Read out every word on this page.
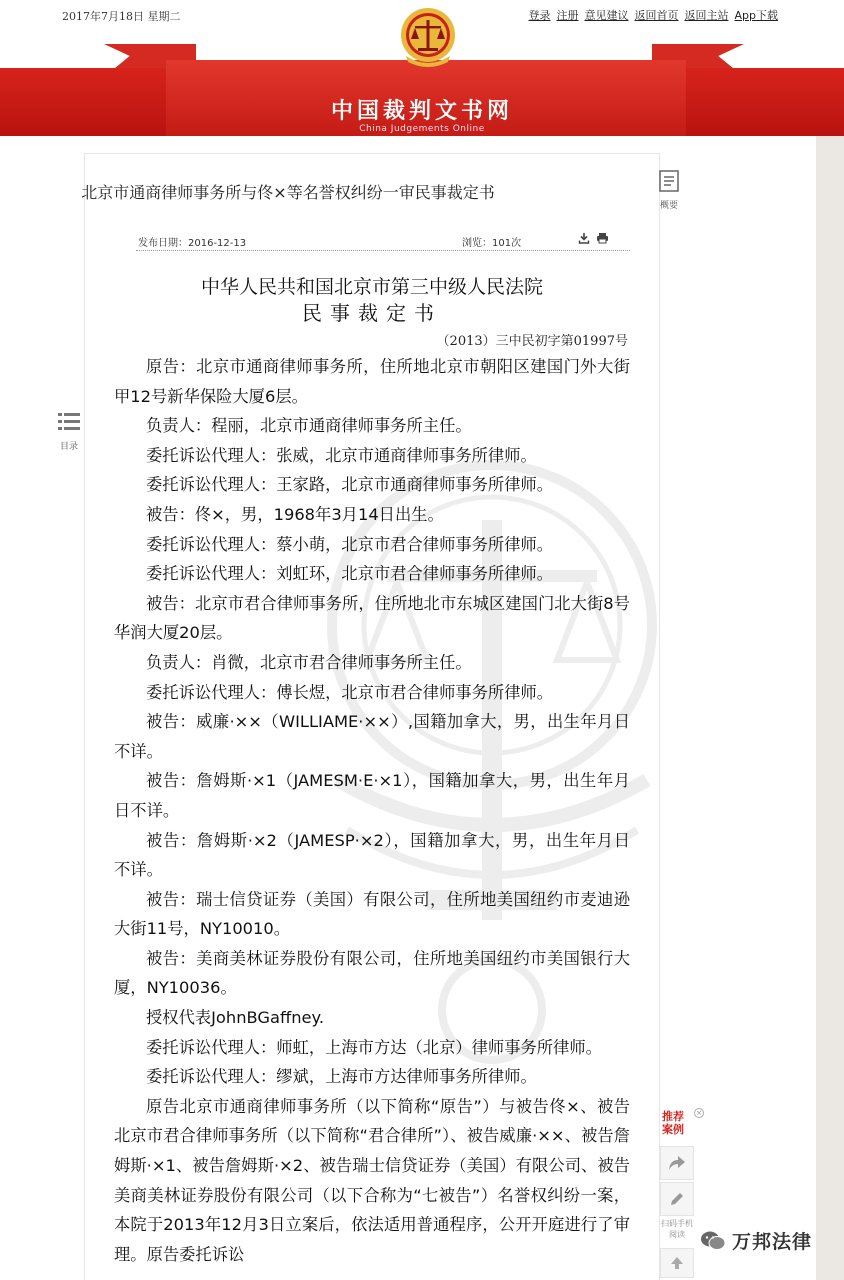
2017年7月18日 星期二	登录 注册 意见建议 返回首页 返回主站 App下载
中国裁判文书网
China Judgements Online
北京市通商律师事务所与佟×等名誉权纠纷一审民事裁定书
发布日期：2016-12-13	浏览：101次
中华人民共和国北京市第三中级人民法院
民事裁定书
（2013）三中民初字第01997号

原告：北京市通商律师事务所，住所地北京市朝阳区建国门外大街甲12号新华保险大厦6层。

负责人：程丽，北京市通商律师事务所主任。

委托诉讼代理人：张威，北京市通商律师事务所律师。

委托诉讼代理人：王家路，北京市通商律师事务所律师。

被告：佟×，男，1968年3月14日出生。

委托诉讼代理人：蔡小萌，北京市君合律师事务所律师。

委托诉讼代理人：刘虹环，北京市君合律师事务所律师。

被告：北京市君合律师事务所，住所地北市东城区建国门北大街8号华润大厦20层。

负责人：肖微，北京市君合律师事务所主任。

委托诉讼代理人：傅长煜，北京市君合律师事务所律师。

被告：威廉·××（WILLIAME·××）,国籍加拿大，男，出生年月日不详。

被告：詹姆斯·×1（JAMESM·E·×1），国籍加拿大，男，出生年月日不详。

被告：詹姆斯·×2（JAMESP·×2），国籍加拿大，男，出生年月日不详。

被告：瑞士信贷证券（美国）有限公司，住所地美国纽约市麦迪逊大街11号，NY10010。

被告：美商美林证券股份有限公司，住所地美国纽约市美国银行大厦，NY10036。

授权代表JohnBGaffney.

委托诉讼代理人：师虹，上海市方达（北京）律师事务所律师。

委托诉讼代理人：缪斌，上海市方达律师事务所律师。

原告北京市通商律师事务所（以下简称“原告”）与被告佟×、被告北京市君合律师事务所（以下简称“君合律所”）、被告威廉·××、被告詹姆斯·×1、被告詹姆斯·×2、被告瑞士信贷证券（美国）有限公司、被告美商美林证券股份有限公司（以下合称为“七被告”）名誉权纠纷一案，本院于2013年12月3日立案后，依法适用普通程序，公开开庭进行了审理。原告委托诉讼

概要
目录
推荐案例
×
扫码手机阅读	万邦法律
